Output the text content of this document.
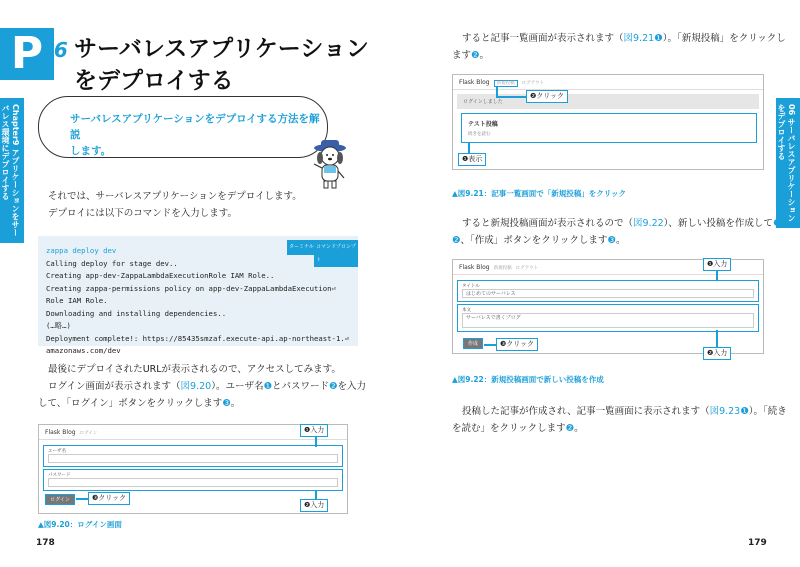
P
06 サーバレスアプリケーション
をデプロイする
Chapter9 アプリケーションをサーバレス環境にデプロイする	サーバレスアプリケーションをデプロイする方法を解説
します。
それでは、サーバレスアプリケーションをデプロイします。
デプロイには以下のコマンドを入力します。
ターミナル コマンドプロンプト
zappa deploy dev
Calling deploy for stage dev..
Creating app-dev-ZappaLambdaExecutionRole IAM Role..
Creating zappa-permissions policy on app-dev-ZappaLambdaExecution⏎
Role IAM Role.
Downloading and installing dependencies..
(…略…)
Deployment complete!: https://85435smzaf.execute-api.ap-northeast-1.⏎
amazonaws.com/dev
最後にデプロイされたURLが表示されるので、アクセスしてみます。
ログイン画面が表示されます（図9.20）。ユーザ名❶とパスワード❷を入力
して、「ログイン」ボタンをクリックします❸。
Flask Blog ログイン
ユーザ名
パスワード
ログイン
❶入力
❸クリック
❷入力
▲図9.20：ログイン画面
178
06 サーバレスアプリケーションをデプロイする
すると記事一覧画面が表示されます（図9.21❶）。「新規投稿」をクリックし
ます❷。
Flask Blog 新規投稿 ログアウト
ログインしました
テスト投稿
続きを読む
❷クリック
❶表示
▲図9.21：記事一覧画面で「新規投稿」をクリック
すると新規投稿画面が表示されるので（図9.22）、新しい投稿を作成して❶
❷、「作成」ボタンをクリックします❸。
Flask Blog 新規投稿 ログアウト
タイトル
はじめてのサーバレス
本文
サーバレスで書くブログ
作成
❶入力
❸クリック
❷入力
▲図9.22：新規投稿画面で新しい投稿を作成
投稿した記事が作成され、記事一覧画面に表示されます（図9.23❶）。「続き
を読む」をクリックします❷。
179
